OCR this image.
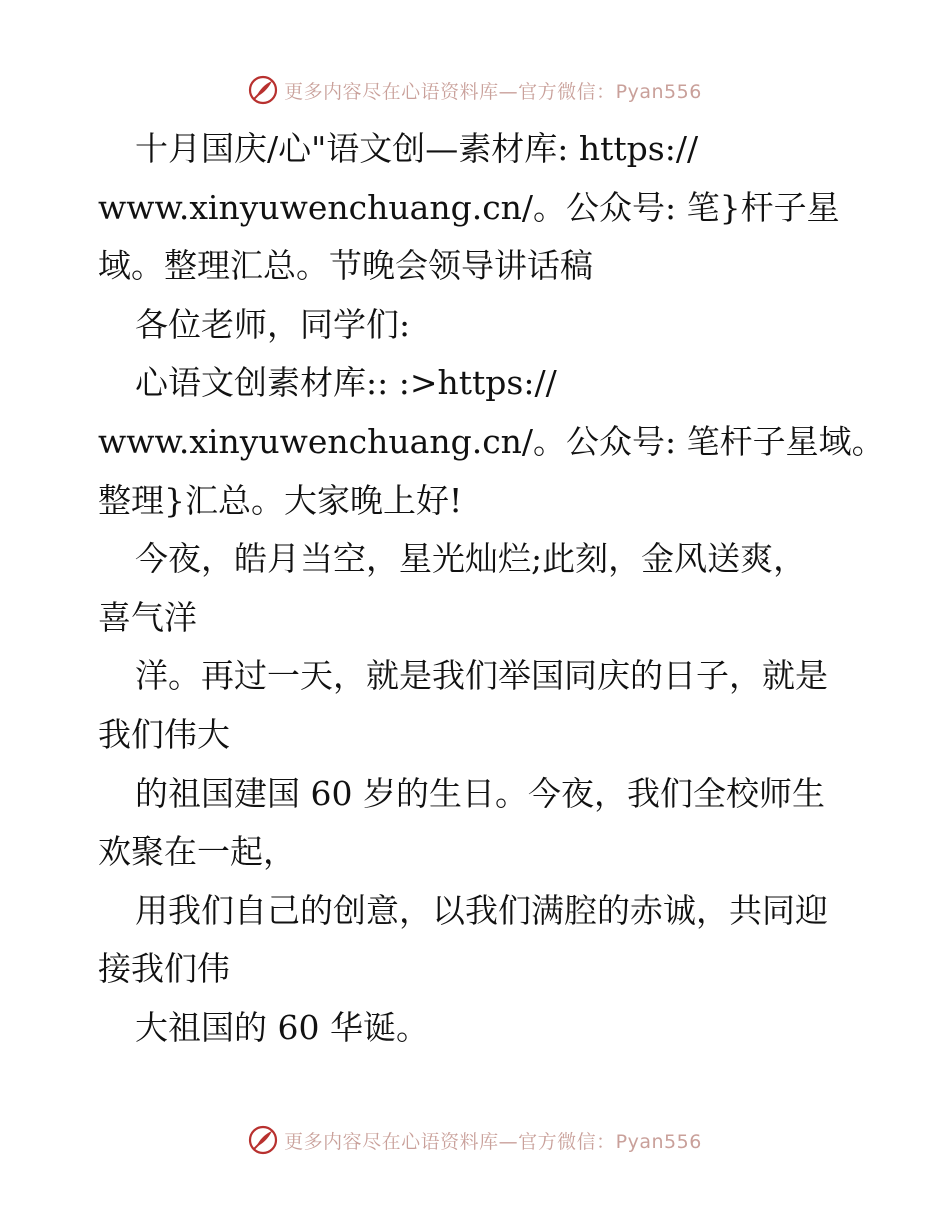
更多内容尽在心语资料库—官方微信：Pyan556
十月国庆/心"语文创—素材库: https://
www.xinyuwenchuang.cn/。公众号: 笔}杆子星
域。整理汇总。节晚会领导讲话稿
各位老师，同学们:
心语文创素材库:: :>https://
www.xinyuwenchuang.cn/。公众号: 笔杆子星域。
整理}汇总。大家晚上好!
今夜，皓月当空，星光灿烂;此刻，金风送爽，
喜气洋
洋。再过一天，就是我们举国同庆的日子，就是
我们伟大
的祖国建国 60 岁的生日。今夜，我们全校师生
欢聚在一起，
用我们自己的创意，以我们满腔的赤诚，共同迎
接我们伟
大祖国的 60 华诞。
更多内容尽在心语资料库—官方微信：Pyan556
